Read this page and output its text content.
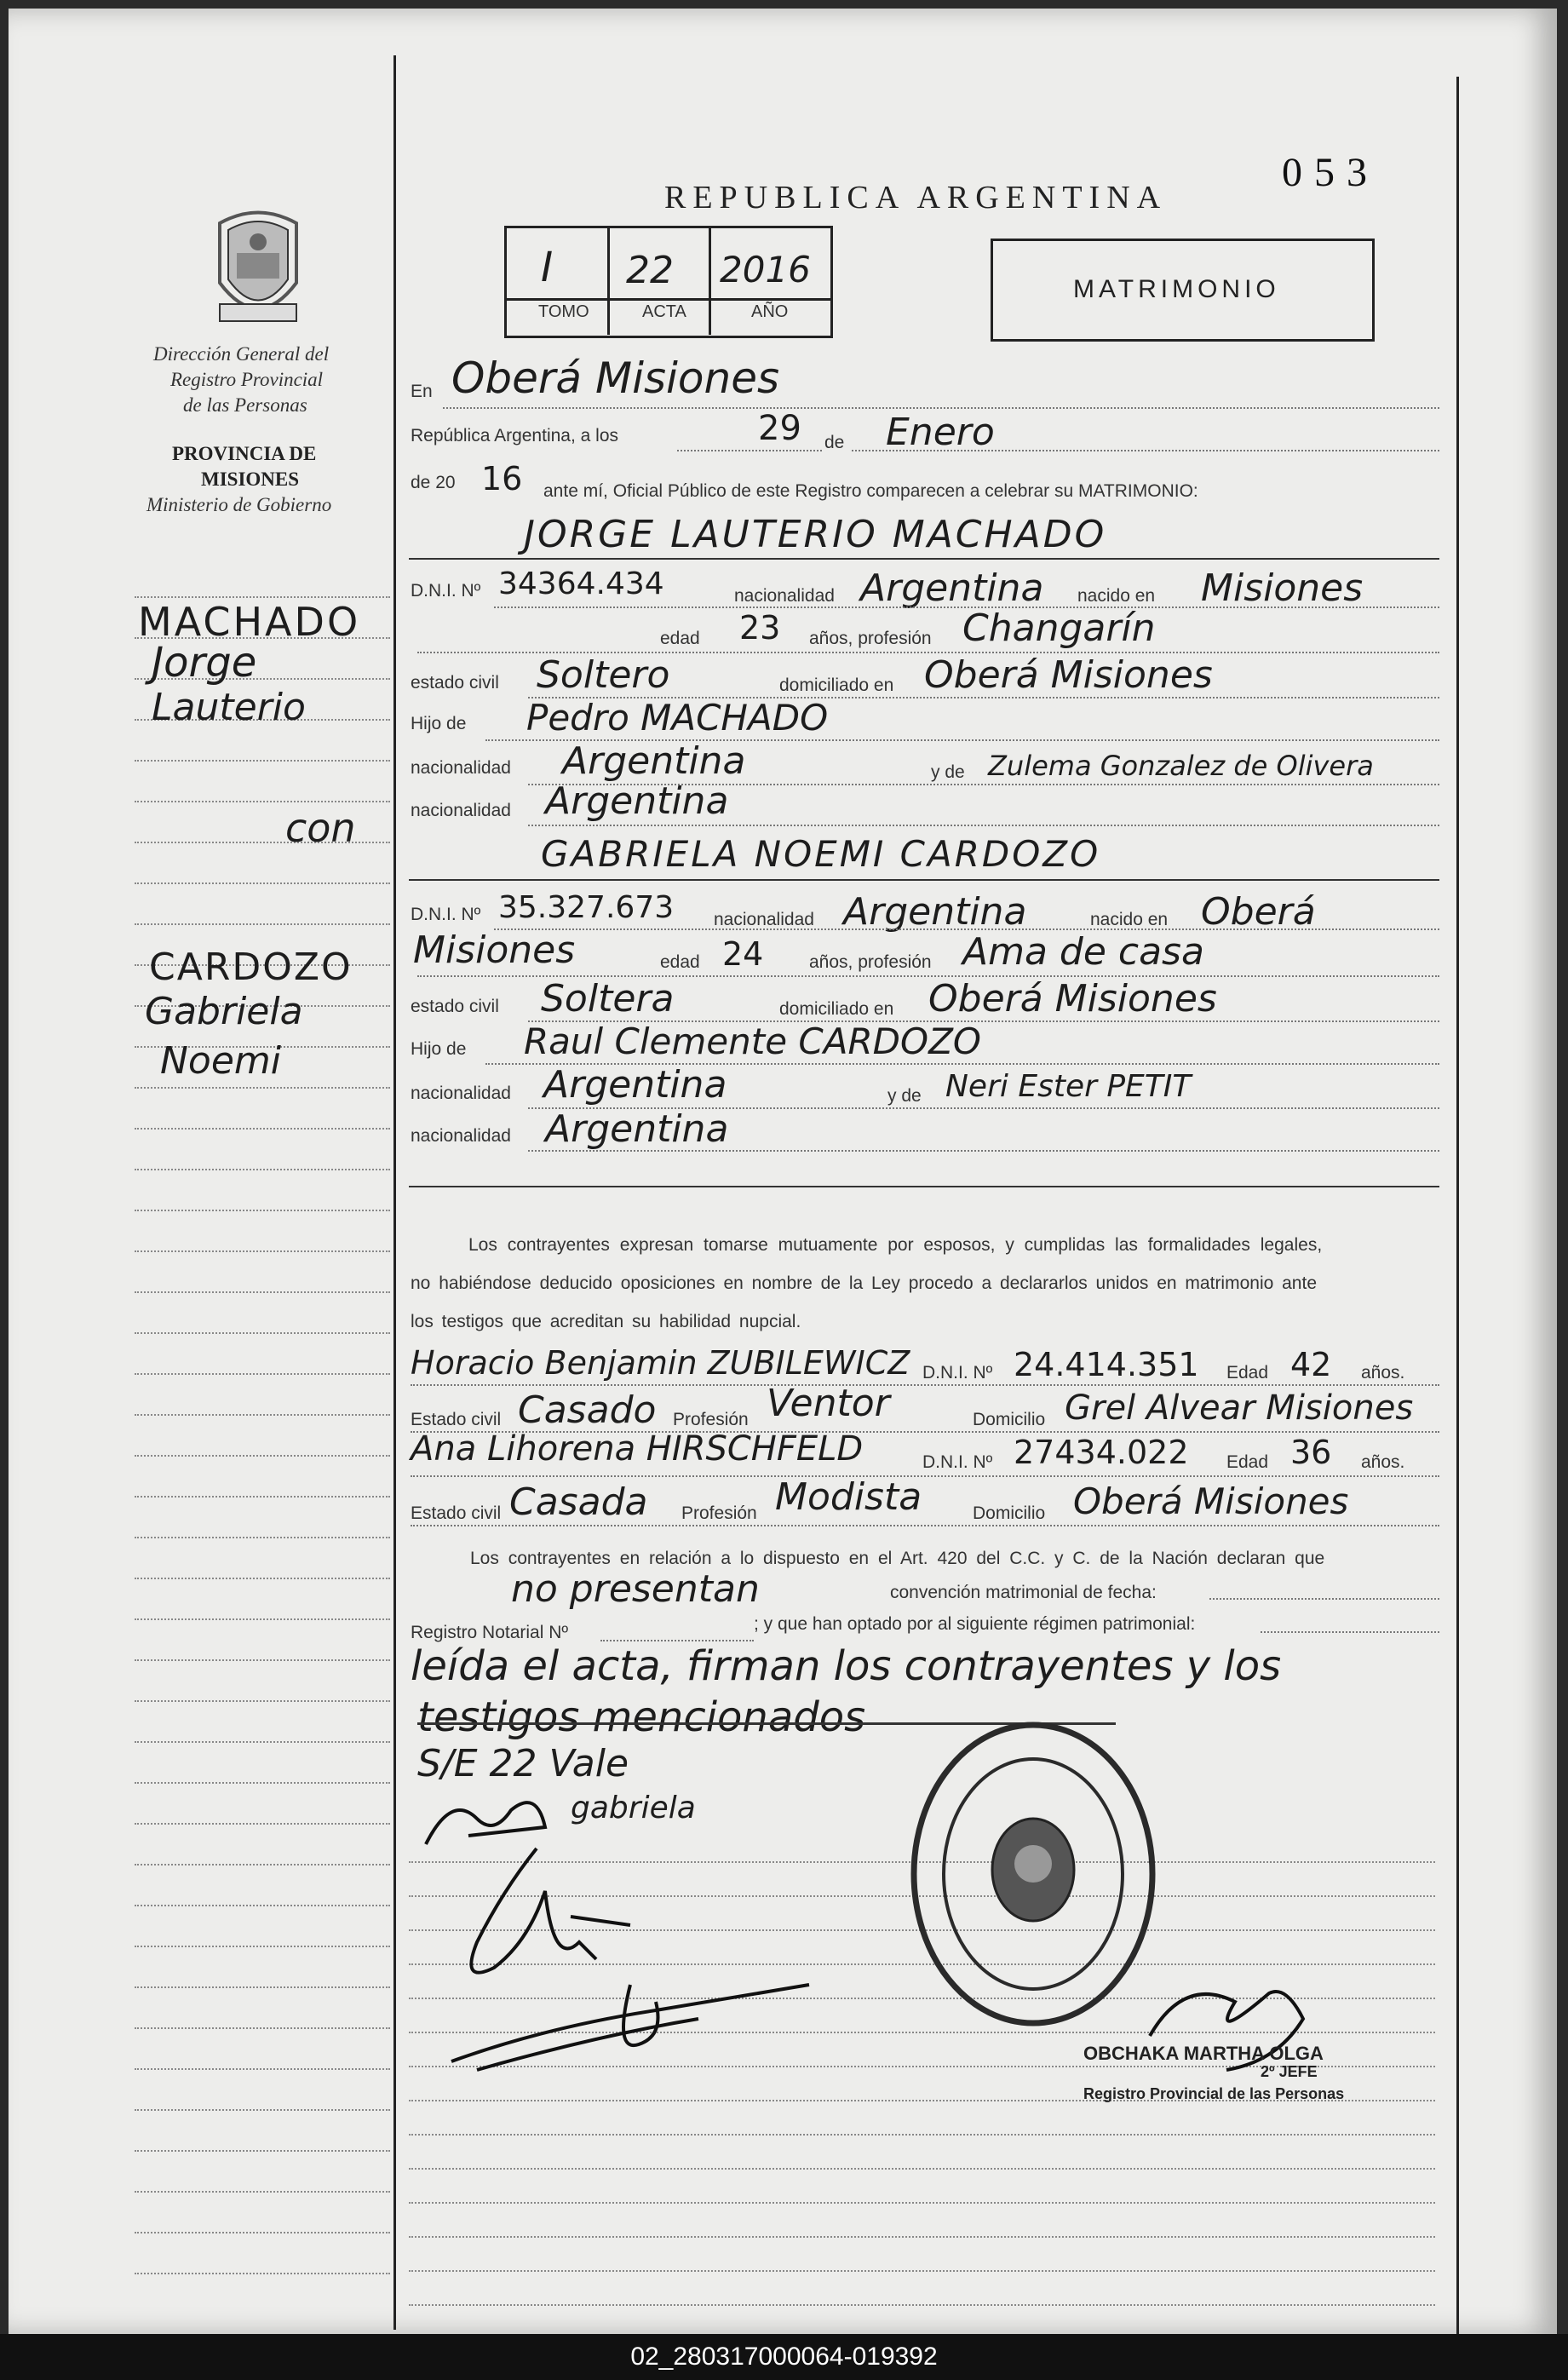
REPUBLICA ARGENTINA
053
I 22 2016
TOMO	ACTA	AÑO
MATRIMONIO
Dirección General del
Registro Provincial
de las Personas
PROVINCIA DE
MISIONES
Ministerio de Gobierno
MACHADO
Jorge
Lauterio
con
CARDOZO
Gabriela
Noemi
En Oberá Misiones
República Argentina, a los	29 de Enero
de 20 16 ante mí, Oficial Público de este Registro comparecen a celebrar su MATRIMONIO:
JORGE LAUTERIO MACHADO
D.N.I. Nº 34364.434	nacionalidad Argentina nacido en Misiones
edad 23 años, profesión Changarín
estado civil Soltero	domiciliado en Oberá Misiones
Hijo de Pedro MACHADO
nacionalidad Argentina	y de Zulema Gonzalez de Olivera
nacionalidad Argentina
GABRIELA NOEMI CARDOZO
D.N.I. Nº 35.327.673 nacionalidad Argentina	nacido en Oberá
Misiones	edad 24	años, profesión Ama de casa
estado civil Soltera	domiciliado en Oberá Misiones
Hijo de Raul Clemente CARDOZO
nacionalidad Argentina	y de Neri Ester PETIT
nacionalidad Argentina
Los contrayentes expresan tomarse mutuamente por esposos, y cumplidas las formalidades legales,
no habiéndose deducido oposiciones en nombre de la Ley procedo a declararlos unidos en matrimonio ante
los testigos que acreditan su habilidad nupcial.
Horacio Benjamin ZUBILEWICZ D.N.I. Nº 24.414.351 Edad 42 años.
Estado civil Casado Profesión Ventor	Domicilio Grel Alvear Misiones
Ana Lihorena HIRSCHFELD	D.N.I. Nº 27434.022 Edad 36 años.
Estado civil Casada Profesión Modista	Domicilio Oberá Misiones
Los contrayentes en relación a lo dispuesto en el Art. 420 del C.C. y C. de la Nación declaran que
no presentan	convención matrimonial de fecha:
Registro Notarial Nº	; y que han optado por al siguiente régimen patrimonial:
leída el acta, firman los contrayentes y los
testigos mencionados
S/E 22 Vale
gabriela
OBCHAKA MARTHA OLGA
2º JEFE
Registro Provincial de las Personas
02_280317000064-019392
